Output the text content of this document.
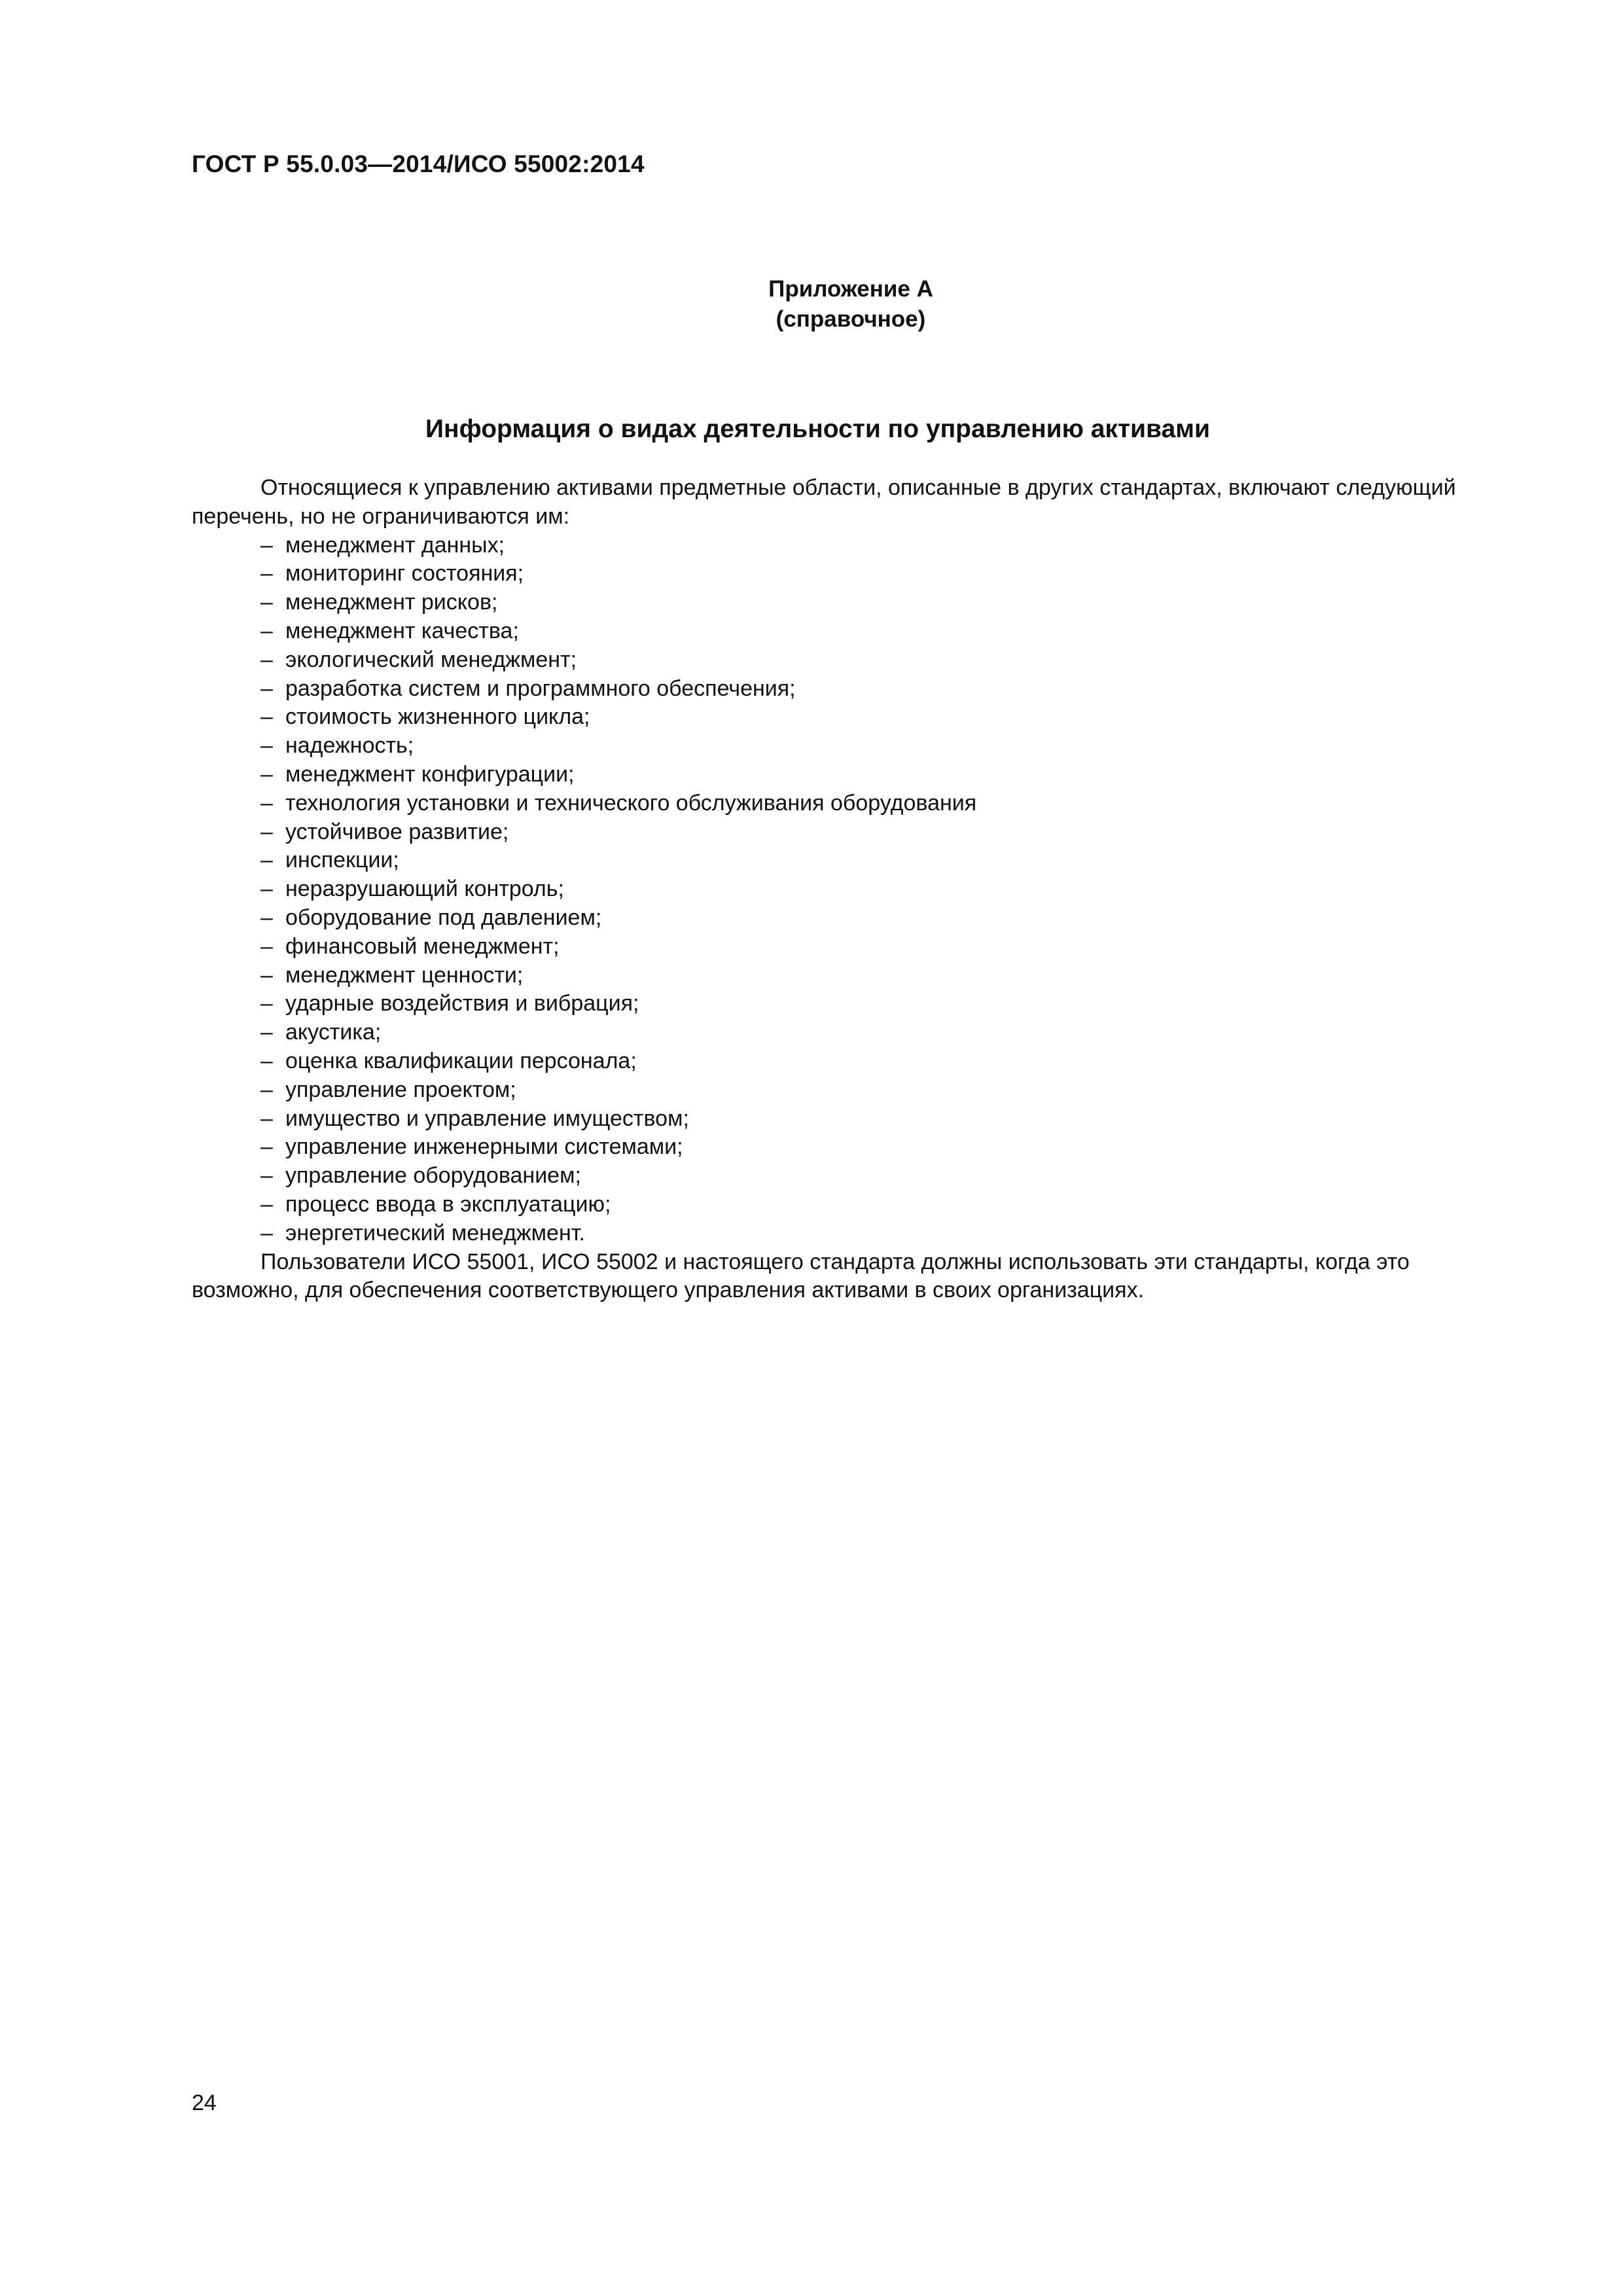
ГОСТ Р 55.0.03—2014/ИСО 55002:2014
Приложение А
(справочное)
Информация о видах деятельности по управлению активами

Относящиеся к управлению активами предметные области, описанные в других стандартах, включают следующий перечень, но не ограничиваются им:

– менеджмент данных;
– мониторинг состояния;
– менеджмент рисков;
– менеджмент качества;
– экологический менеджмент;
– разработка систем и программного обеспечения;
– стоимость жизненного цикла;
– надежность;
– менеджмент конфигурации;
– технология установки и технического обслуживания оборудования
– устойчивое развитие;
– инспекции;
– неразрушающий контроль;
– оборудование под давлением;
– финансовый менеджмент;
– менеджмент ценности;
– ударные воздействия и вибрация;
– акустика;
– оценка квалификации персонала;
– управление проектом;
– имущество и управление имуществом;
– управление инженерными системами;
– управление оборудованием;
– процесс ввода в эксплуатацию;
– энергетический менеджмент.

Пользователи ИСО 55001, ИСО 55002 и настоящего стандарта должны использовать эти стандарты, когда это возможно, для обеспечения соответствующего управления активами в своих организациях.

24
